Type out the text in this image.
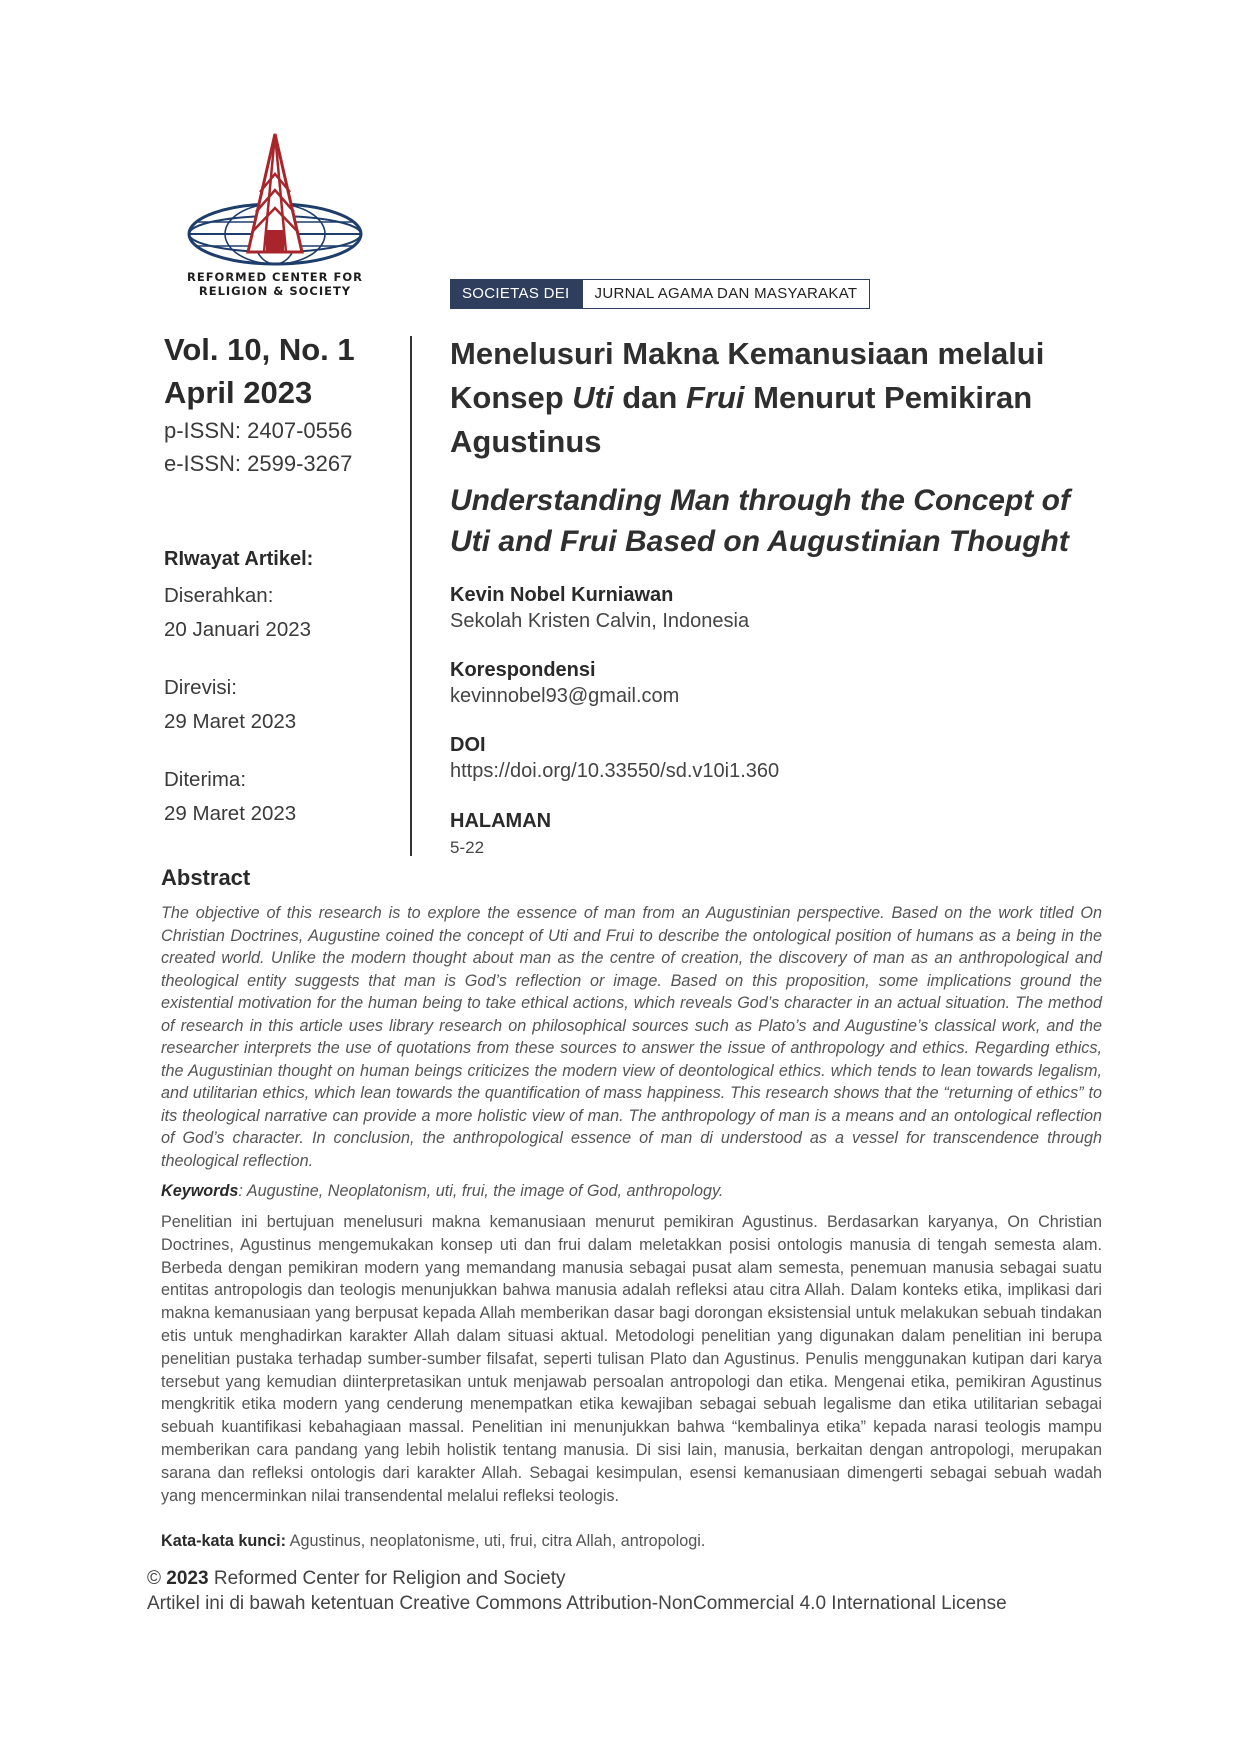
REFORMED CENTER FOR
RELIGION & SOCIETY	SOCIETAS DEI	JURNAL AGAMA DAN MASYARAKAT
Vol. 10, No. 1
April 2023
p-ISSN: 2407-0556
e-ISSN: 2599-3267
RIwayat Artikel:
Diserahkan:
20 Januari 2023
Direvisi:
29 Maret 2023
Diterima:
29 Maret 2023
Menelusuri Makna Kemanusiaan melalui
Konsep Uti dan Frui Menurut Pemikiran
Agustinus
Understanding Man through the Concept of
Uti and Frui Based on Augustinian Thought
Kevin Nobel Kurniawan
Sekolah Kristen Calvin, Indonesia
Korespondensi
kevinnobel93@gmail.com
DOI
https://doi.org/10.33550/sd.v10i1.360
HALAMAN
5-22
Abstract
The objective of this research is to explore the essence of man from an Augustinian perspective. Based on the work titled On Christian Doctrines, Augustine coined the concept of Uti and Frui to describe the ontological position of humans as a being in the created world. Unlike the modern thought about man as the centre of creation, the discovery of man as an anthropological and theological entity suggests that man is God’s reflection or image. Based on this proposition, some implications ground the existential motivation for the human being to take ethical actions, which reveals God’s character in an actual situation. The method of research in this article uses library research on philosophical sources such as Plato’s and Augustine’s classical work, and the researcher interprets the use of quotations from these sources to answer the issue of anthropology and ethics. Regarding ethics, the Augustinian thought on human beings criticizes the modern view of deontological ethics. which tends to lean towards legalism, and utilitarian ethics, which lean towards the quantification of mass happiness. This research shows that the “returning of ethics” to its theological narrative can provide a more holistic view of man. The anthropology of man is a means and an ontological reflection of God’s character. In conclusion, the anthropological essence of man di understood as a vessel for transcendence through theological reflection.
Keywords: Augustine, Neoplatonism, uti, frui, the image of God, anthropology.
Penelitian ini bertujuan menelusuri makna kemanusiaan menurut pemikiran Agustinus. Berdasarkan karyanya, On Christian Doctrines, Agustinus mengemukakan konsep uti dan frui dalam meletakkan posisi ontologis manusia di tengah semesta alam. Berbeda dengan pemikiran modern yang memandang manusia sebagai pusat alam semesta, penemuan manusia sebagai suatu entitas antropologis dan teologis menunjukkan bahwa manusia adalah refleksi atau citra Allah. Dalam konteks etika, implikasi dari makna kemanusiaan yang berpusat kepada Allah memberikan dasar bagi dorongan eksistensial untuk melakukan sebuah tindakan etis untuk menghadirkan karakter Allah dalam situasi aktual. Metodologi penelitian yang digunakan dalam penelitian ini berupa penelitian pustaka terhadap sumber-sumber filsafat, seperti tulisan Plato dan Agustinus. Penulis menggunakan kutipan dari karya tersebut yang kemudian diinterpretasikan untuk menjawab persoalan antropologi dan etika. Mengenai etika, pemikiran Agustinus mengkritik etika modern yang cenderung menempatkan etika kewajiban sebagai sebuah legalisme dan etika utilitarian sebagai sebuah kuantifikasi kebahagiaan massal. Penelitian ini menunjukkan bahwa “kembalinya etika” kepada narasi teologis mampu memberikan cara pandang yang lebih holistik tentang manusia. Di sisi lain, manusia, berkaitan dengan antropologi, merupakan sarana dan refleksi ontologis dari karakter Allah. Sebagai kesimpulan, esensi kemanusiaan dimengerti sebagai sebuah wadah yang mencerminkan nilai transendental melalui refleksi teologis.
Kata-kata kunci: Agustinus, neoplatonisme, uti, frui, citra Allah, antropologi.
© 2023 Reformed Center for Religion and Society
Artikel ini di bawah ketentuan Creative Commons Attribution-NonCommercial 4.0 International License
